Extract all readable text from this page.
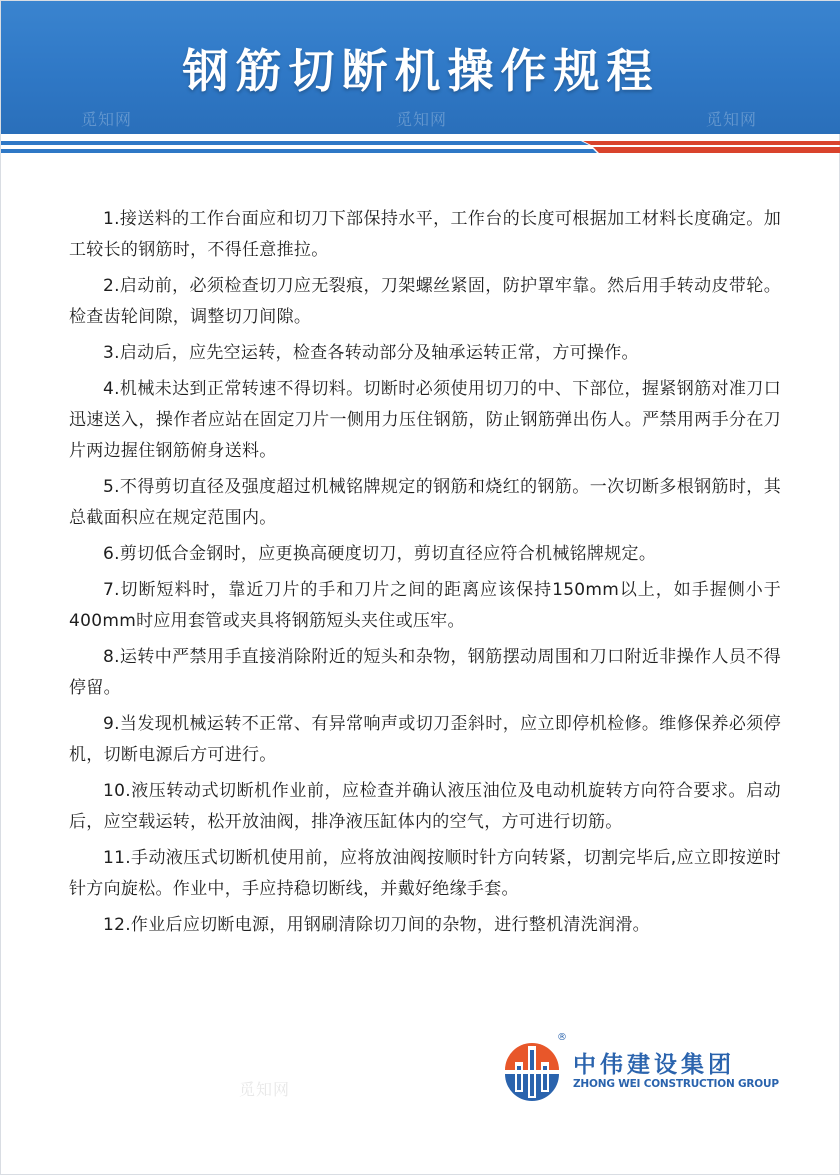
钢筋切断机操作规程
觅知网	觅知网	觅知网

1.接送料的工作台面应和切刀下部保持水平，工作台的长度可根据加工材料长度确定。加工较长的钢筋时，不得任意推拉。

2.启动前，必须检查切刀应无裂痕，刀架螺丝紧固，防护罩牢靠。然后用手转动皮带轮。检查齿轮间隙，调整切刀间隙。

3.启动后，应先空运转，检查各转动部分及轴承运转正常，方可操作。

4.机械未达到正常转速不得切料。切断时必须使用切刀的中、下部位，握紧钢筋对准刀口迅速送入，操作者应站在固定刀片一侧用力压住钢筋，防止钢筋弹出伤人。严禁用两手分在刀片两边握住钢筋俯身送料。

5.不得剪切直径及强度超过机械铭牌规定的钢筋和烧红的钢筋。一次切断多根钢筋时，其总截面积应在规定范围内。

6.剪切低合金钢时，应更换高硬度切刀，剪切直径应符合机械铭牌规定。

7.切断短料时，靠近刀片的手和刀片之间的距离应该保持150mm以上，如手握侧小于400mm时应用套管或夹具将钢筋短头夹住或压牢。

8.运转中严禁用手直接消除附近的短头和杂物，钢筋摆动周围和刀口附近非操作人员不得停留。

9.当发现机械运转不正常、有异常响声或切刀歪斜时，应立即停机检修。维修保养必须停机，切断电源后方可进行。

10.液压转动式切断机作业前，应检查并确认液压油位及电动机旋转方向符合要求。启动后，应空载运转，松开放油阀，排净液压缸体内的空气，方可进行切筋。

11.手动液压式切断机使用前，应将放油阀按顺时针方向转紧，切割完毕后,应立即按逆时针方向旋松。作业中，手应持稳切断线，并戴好绝缘手套。

12.作业后应切断电源，用钢刷清除切刀间的杂物，进行整机清洗润滑。

觅知网
®
中伟建设集团
ZHONG WEI CONSTRUCTION GROUP
